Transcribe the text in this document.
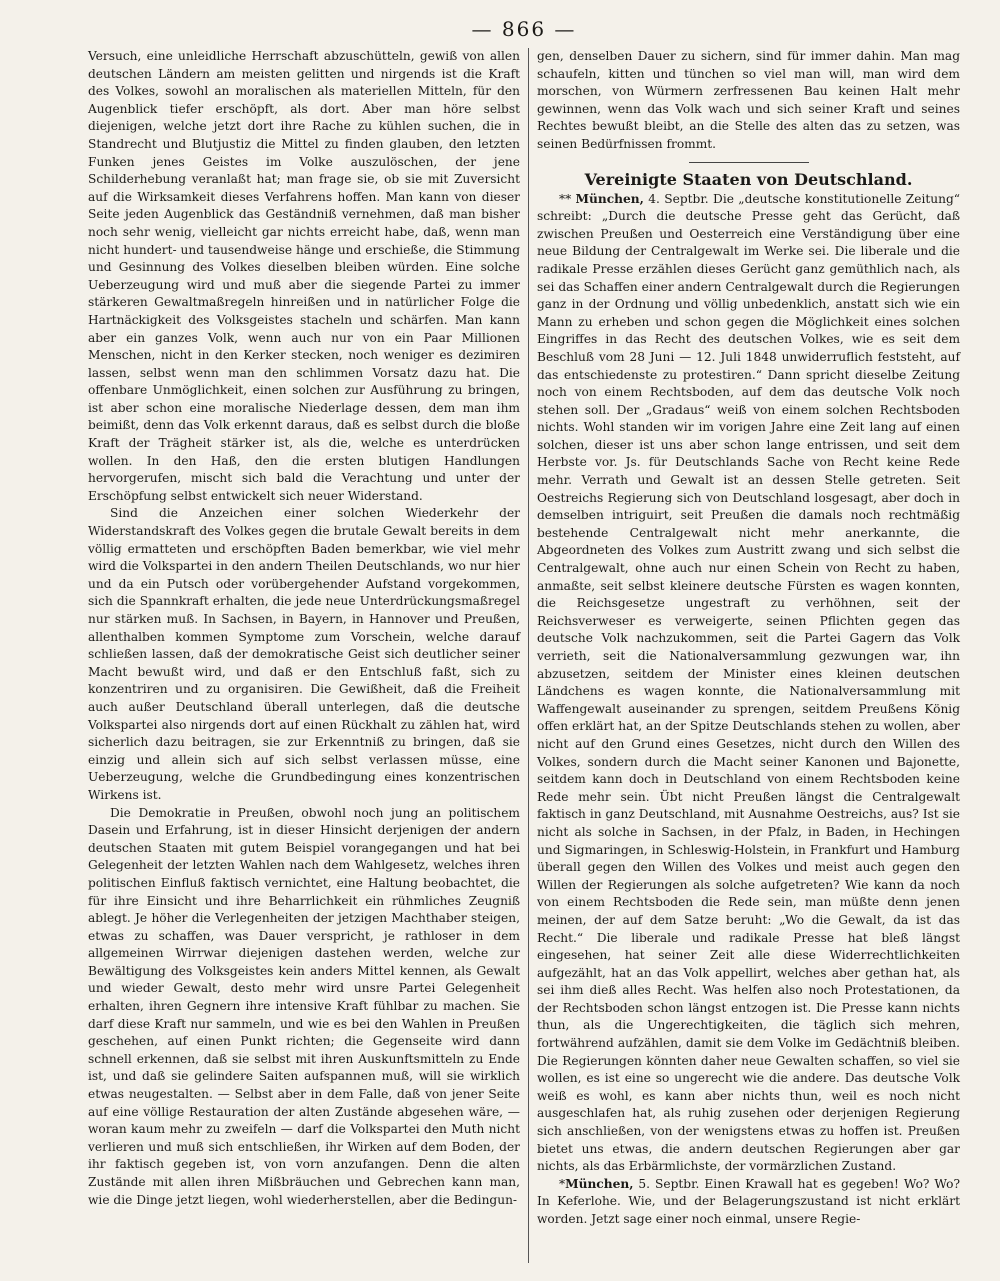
— 866 —

Versuch, eine unleidliche Herrschaft abzuschütteln, gewiß von allen deutschen Ländern am meisten gelitten und nirgends ist die Kraft des Volkes, sowohl an moralischen als materiellen Mitteln, für den Augenblick tiefer erschöpft, als dort. Aber man höre selbst diejenigen, welche jetzt dort ihre Rache zu kühlen suchen, die in Standrecht und Blutjustiz die Mittel zu finden glauben, den letzten Funken jenes Geistes im Volke auszulöschen, der jene Schilderhebung veranlaßt hat; man frage sie, ob sie mit Zuversicht auf die Wirksamkeit dieses Verfahrens hoffen. Man kann von dieser Seite jeden Augenblick das Geständniß vernehmen, daß man bisher noch sehr wenig, vielleicht gar nichts erreicht habe, daß, wenn man nicht hundert- und tausendweise hänge und erschieße, die Stimmung und Gesinnung des Volkes dieselben bleiben würden. Eine solche Ueberzeugung wird und muß aber die siegende Partei zu immer stärkeren Gewaltmaßregeln hinreißen und in natürlicher Folge die Hartnäckigkeit des Volksgeistes stacheln und schärfen. Man kann aber ein ganzes Volk, wenn auch nur von ein Paar Millionen Menschen, nicht in den Kerker stecken, noch weniger es dezimiren lassen, selbst wenn man den schlimmen Vorsatz dazu hat. Die offenbare Unmöglichkeit, einen solchen zur Ausführung zu bringen, ist aber schon eine moralische Niederlage dessen, dem man ihm beimißt, denn das Volk erkennt daraus, daß es selbst durch die bloße Kraft der Trägheit stärker ist, als die, welche es unterdrücken wollen. In den Haß, den die ersten blutigen Handlungen hervorgerufen, mischt sich bald die Verachtung und unter der Erschöpfung selbst entwickelt sich neuer Widerstand.

Sind die Anzeichen einer solchen Wiederkehr der Widerstandskraft des Volkes gegen die brutale Gewalt bereits in dem völlig ermatteten und erschöpften Baden bemerkbar, wie viel mehr wird die Volkspartei in den andern Theilen Deutschlands, wo nur hier und da ein Putsch oder vorübergehender Aufstand vorgekommen, sich die Spannkraft erhalten, die jede neue Unterdrückungsmaßregel nur stärken muß. In Sachsen, in Bayern, in Hannover und Preußen, allenthalben kommen Symptome zum Vorschein, welche darauf schließen lassen, daß der demokratische Geist sich deutlicher seiner Macht bewußt wird, und daß er den Entschluß faßt, sich zu konzentriren und zu organisiren. Die Gewißheit, daß die Freiheit auch außer Deutschland überall unterlegen, daß die deutsche Volkspartei also nirgends dort auf einen Rückhalt zu zählen hat, wird sicherlich dazu beitragen, sie zur Erkenntniß zu bringen, daß sie einzig und allein sich auf sich selbst verlassen müsse, eine Ueberzeugung, welche die Grundbedingung eines konzentrischen Wirkens ist.

Die Demokratie in Preußen, obwohl noch jung an politischem Dasein und Erfahrung, ist in dieser Hinsicht derjenigen der andern deutschen Staaten mit gutem Beispiel vorangegangen und hat bei Gelegenheit der letzten Wahlen nach dem Wahlgesetz, welches ihren politischen Einfluß faktisch vernichtet, eine Haltung beobachtet, die für ihre Einsicht und ihre Beharrlichkeit ein rühmliches Zeugniß ablegt. Je höher die Verlegenheiten der jetzigen Machthaber steigen, etwas zu schaffen, was Dauer verspricht, je rathloser in dem allgemeinen Wirrwar diejenigen dastehen werden, welche zur Bewältigung des Volksgeistes kein anders Mittel kennen, als Gewalt und wieder Gewalt, desto mehr wird unsre Partei Gelegenheit erhalten, ihren Gegnern ihre intensive Kraft fühlbar zu machen. Sie darf diese Kraft nur sammeln, und wie es bei den Wahlen in Preußen geschehen, auf einen Punkt richten; die Gegenseite wird dann schnell erkennen, daß sie selbst mit ihren Auskunftsmitteln zu Ende ist, und daß sie gelindere Saiten aufspannen muß, will sie wirklich etwas neugestalten. — Selbst aber in dem Falle, daß von jener Seite auf eine völlige Restauration der alten Zustände abgesehen wäre, — woran kaum mehr zu zweifeln — darf die Volkspartei den Muth nicht verlieren und muß sich entschließen, ihr Wirken auf dem Boden, der ihr faktisch gegeben ist, von vorn anzufangen. Denn die alten Zustände mit allen ihren Mißbräuchen und Gebrechen kann man, wie die Dinge jetzt liegen, wohl wiederherstellen, aber die Bedingun-

gen, denselben Dauer zu sichern, sind für immer dahin. Man mag schaufeln, kitten und tünchen so viel man will, man wird dem morschen, von Würmern zerfressenen Bau keinen Halt mehr gewinnen, wenn das Volk wach und sich seiner Kraft und seines Rechtes bewußt bleibt, an die Stelle des alten das zu setzen, was seinen Bedürfnissen frommt.

Vereinigte Staaten von Deutschland.

** München, 4. Septbr. Die „deutsche konstitutionelle Zeitung“ schreibt: „Durch die deutsche Presse geht das Gerücht, daß zwischen Preußen und Oesterreich eine Verständigung über eine neue Bildung der Centralgewalt im Werke sei. Die liberale und die radikale Presse erzählen dieses Gerücht ganz gemüthlich nach, als sei das Schaffen einer andern Centralgewalt durch die Regierungen ganz in der Ordnung und völlig unbedenklich, anstatt sich wie ein Mann zu erheben und schon gegen die Möglichkeit eines solchen Eingriffes in das Recht des deutschen Volkes, wie es seit dem Beschluß vom 28 Juni — 12. Juli 1848 unwiderruflich feststeht, auf das entschiedenste zu protestiren.“ Dann spricht dieselbe Zeitung noch von einem Rechtsboden, auf dem das deutsche Volk noch stehen soll. Der „Gradaus“ weiß von einem solchen Rechtsboden nichts. Wohl standen wir im vorigen Jahre eine Zeit lang auf einen solchen, dieser ist uns aber schon lange entrissen, und seit dem Herbste vor. Js. für Deutschlands Sache von Recht keine Rede mehr. Verrath und Gewalt ist an dessen Stelle getreten. Seit Oestreichs Regierung sich von Deutschland losgesagt, aber doch in demselben intriguirt, seit Preußen die damals noch rechtmäßig bestehende Centralgewalt nicht mehr anerkannte, die Abgeordneten des Volkes zum Austritt zwang und sich selbst die Centralgewalt, ohne auch nur einen Schein von Recht zu haben, anmaßte, seit selbst kleinere deutsche Fürsten es wagen konnten, die Reichsgesetze ungestraft zu verhöhnen, seit der Reichsverweser es verweigerte, seinen Pflichten gegen das deutsche Volk nachzukommen, seit die Partei Gagern das Volk verrieth, seit die Nationalversammlung gezwungen war, ihn abzusetzen, seitdem der Minister eines kleinen deutschen Ländchens es wagen konnte, die Nationalversammlung mit Waffengewalt auseinander zu sprengen, seitdem Preußens König offen erklärt hat, an der Spitze Deutschlands stehen zu wollen, aber nicht auf den Grund eines Gesetzes, nicht durch den Willen des Volkes, sondern durch die Macht seiner Kanonen und Bajonette, seitdem kann doch in Deutschland von einem Rechtsboden keine Rede mehr sein. Übt nicht Preußen längst die Centralgewalt faktisch in ganz Deutschland, mit Ausnahme Oestreichs, aus? Ist sie nicht als solche in Sachsen, in der Pfalz, in Baden, in Hechingen und Sigmaringen, in Schleswig-Holstein, in Frankfurt und Hamburg überall gegen den Willen des Volkes und meist auch gegen den Willen der Regierungen als solche aufgetreten? Wie kann da noch von einem Rechtsboden die Rede sein, man müßte denn jenen meinen, der auf dem Satze beruht: „Wo die Gewalt, da ist das Recht.“ Die liberale und radikale Presse hat bleß längst eingesehen, hat seiner Zeit alle diese Widerrechtlichkeiten aufgezählt, hat an das Volk appellirt, welches aber gethan hat, als sei ihm dieß alles Recht. Was helfen also noch Protestationen, da der Rechtsboden schon längst entzogen ist. Die Presse kann nichts thun, als die Ungerechtigkeiten, die täglich sich mehren, fortwährend aufzählen, damit sie dem Volke im Gedächtniß bleiben. Die Regierungen könnten daher neue Gewalten schaffen, so viel sie wollen, es ist eine so ungerecht wie die andere. Das deutsche Volk weiß es wohl, es kann aber nichts thun, weil es noch nicht ausgeschlafen hat, als ruhig zusehen oder derjenigen Regierung sich anschließen, von der wenigstens etwas zu hoffen ist. Preußen bietet uns etwas, die andern deutschen Regierungen aber gar nichts, als das Erbärmlichste, der vormärzlichen Zustand.

*München, 5. Septbr. Einen Krawall hat es gegeben! Wo? Wo? In Keferlohe. Wie, und der Belagerungszustand ist nicht erklärt worden. Jetzt sage einer noch einmal, unsere Regie-
